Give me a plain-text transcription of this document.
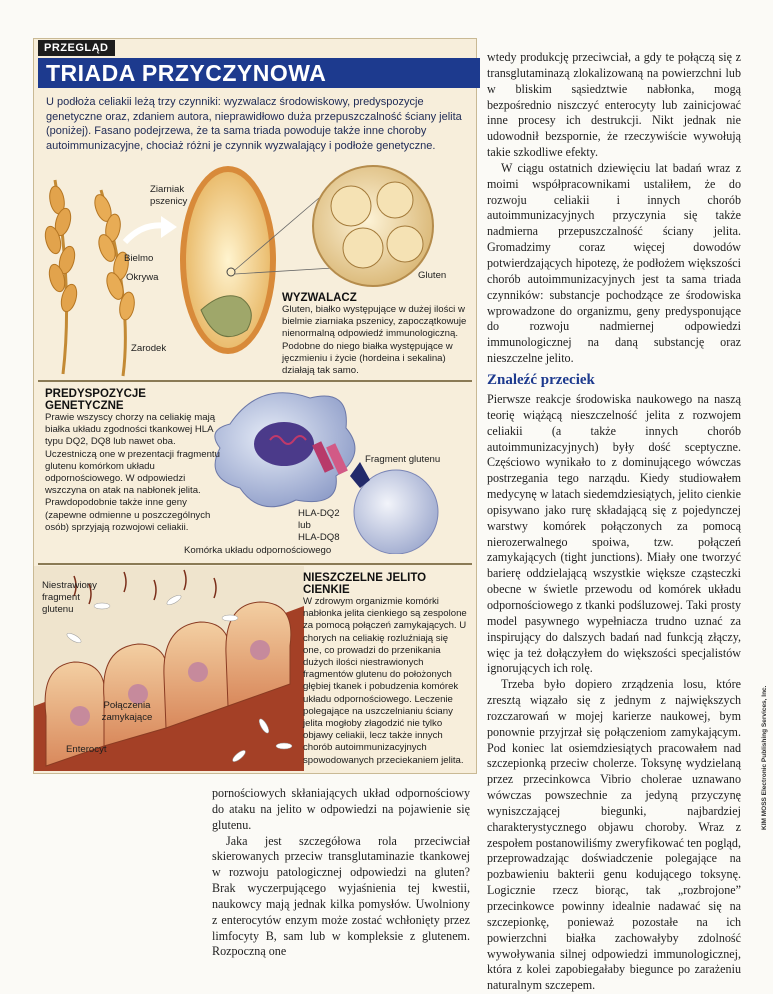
PRZEGLĄD
TRIADA PRZYCZYNOWA

U podłoża celiakii leżą trzy czynniki: wyzwalacz środowiskowy, predyspozycje genetyczne oraz, zdaniem autora, nieprawidłowo duża przepuszczalność ściany jelita (poniżej). Fasano podejrzewa, że ta sama triada powoduje także inne choroby autoimmunizacyjne, chociaż różni je czynnik wyzwalający i podłoże genetyczne.

Ziarniak pszenicy
Bielmo
Okrywa
Zarodek
Gluten
WYZWALACZ

Gluten, białko występujące w dużej ilości w bielmie ziarniaka pszenicy, zapoczątkowuje nienormalną odpowiedź immunologiczną. Podobne do niego białka występujące w jęczmieniu i życie (hordeina i sekalina) działają tak samo.

PREDYSPOZYCJE GENETYCZNE

Prawie wszyscy chorzy na celiakię mają białka układu zgodności tkankowej HLA typu DQ2, DQ8 lub nawet oba. Uczestniczą one w prezentacji fragmentu glutenu komórkom układu odpornościowego. W odpowiedzi wszczyna on atak na nabłonek jelita. Prawdopodobnie także inne geny (zapewne odmienne u poszczególnych osób) sprzyjają rozwojowi celiakii.

Fragment glutenu
HLA-DQ2
lub
HLA-DQ8
Komórka układu odpornościowego
Niestrawiony fragment glutenu
Połączenia zamykające
Enterocyt
NIESZCZELNE JELITO CIENKIE

W zdrowym organizmie komórki nabłonka jelita cienkiego są zespolone za pomocą połączeń zamykających. U chorych na celiakię rozluźniają się one, co prowadzi do przenikania dużych ilości niestrawionych fragmentów glutenu do położonych głębiej tkanek i pobudzenia komórek układu odpornościowego. Leczenie polegające na uszczelnianiu ściany jelita mogłoby złagodzić nie tylko objawy celiakii, lecz także innych chorób autoimmunizacyjnych spowodowanych przeciekaniem jelita.

pornościowych skłaniających układ odpornościowy do ataku na jelito w odpowiedzi na pojawienie się glutenu.

Jaka jest szczegółowa rola przeciwciał skierowanych przeciw transglutaminazie tkankowej w rozwoju patologicznej odpowiedzi na gluten? Brak wyczerpującego wyjaśnienia tej kwestii, naukowcy mają jednak kilka pomysłów. Uwolniony z enterocytów enzym może zostać wchłonięty przez limfocyty B, sam lub w kompleksie z glutenem. Rozpoczną one

wtedy produkcję przeciwciał, a gdy te połączą się z transglutaminazą zlokalizowaną na powierzchni lub w bliskim sąsiedztwie nabłonka, mogą bezpośrednio niszczyć enterocyty lub zainicjować inne procesy ich destrukcji. Nikt jednak nie udowodnił bezspornie, że rzeczywiście wywołują takie szkodliwe efekty.

W ciągu ostatnich dziewięciu lat badań wraz z moimi współpracownikami ustaliłem, że do rozwoju celiakii i innych chorób autoimmunizacyjnych przyczynia się także nadmierna przepuszczalność ściany jelita. Gromadzimy coraz więcej dowodów potwierdzających hipotezę, że podłożem większości chorób autoimmunizacyjnych jest ta sama triada czynników: substancje pochodzące ze środowiska wprowadzone do organizmu, geny predysponujące do rozwoju nadmiernej odpowiedzi immunologicznej na daną substancję oraz nieszczelne jelito.

Znaleźć przeciek

Pierwsze reakcje środowiska naukowego na naszą teorię wiążącą nieszczelność jelita z rozwojem celiakii (a także innych chorób autoimmunizacyjnych) były dość sceptyczne. Częściowo wynikało to z dominującego wówczas postrzegania tego narządu. Kiedy studiowałem medycynę w latach siedemdziesiątych, jelito cienkie opisywano jako rurę składającą się z pojedynczej warstwy komórek połączonych za pomocą nierozerwalnego spoiwa, tzw. połączeń zamykających (tight junctions). Miały one tworzyć barierę oddzielającą wszystkie większe cząsteczki obecne w świetle przewodu od komórek układu odpornościowego z tkanki podśluzowej. Taki prosty model pasywnego wypełniacza trudno uznać za inspirujący do dalszych badań nad funkcją złączy, więc ja też dołączyłem do większości specjalistów ignorujących ich rolę.

Trzeba było dopiero zrządzenia losu, które zresztą wiązało się z jednym z największych rozczarowań w mojej karierze naukowej, bym ponownie przyjrzał się połączeniom zamykającym. Pod koniec lat osiemdziesiątych pracowałem nad szczepionką przeciw cholerze. Toksynę wydzielaną przez przecinkowca Vibrio cholerae uznawano wówczas powszechnie za jedyną przyczynę wyniszczającej biegunki, najbardziej charakterystycznego objawu choroby. Wraz z zespołem postanowiliśmy zweryfikować ten pogląd, przeprowadzając doświadczenie polegające na pozbawieniu bakterii genu kodującego toksynę. Logicznie rzecz biorąc, tak „rozbrojone” przecinkowce powinny idealnie nadawać się na szczepionkę, ponieważ pozostałe na ich powierzchni białka zachowałyby zdolność wywoływania silnej odpowiedzi immunologicznej, która z kolei zapobiegałaby biegunce po zarażeniu naturalnym szczepem.

KIM MOSS Electronic Publishing Services, Inc.
